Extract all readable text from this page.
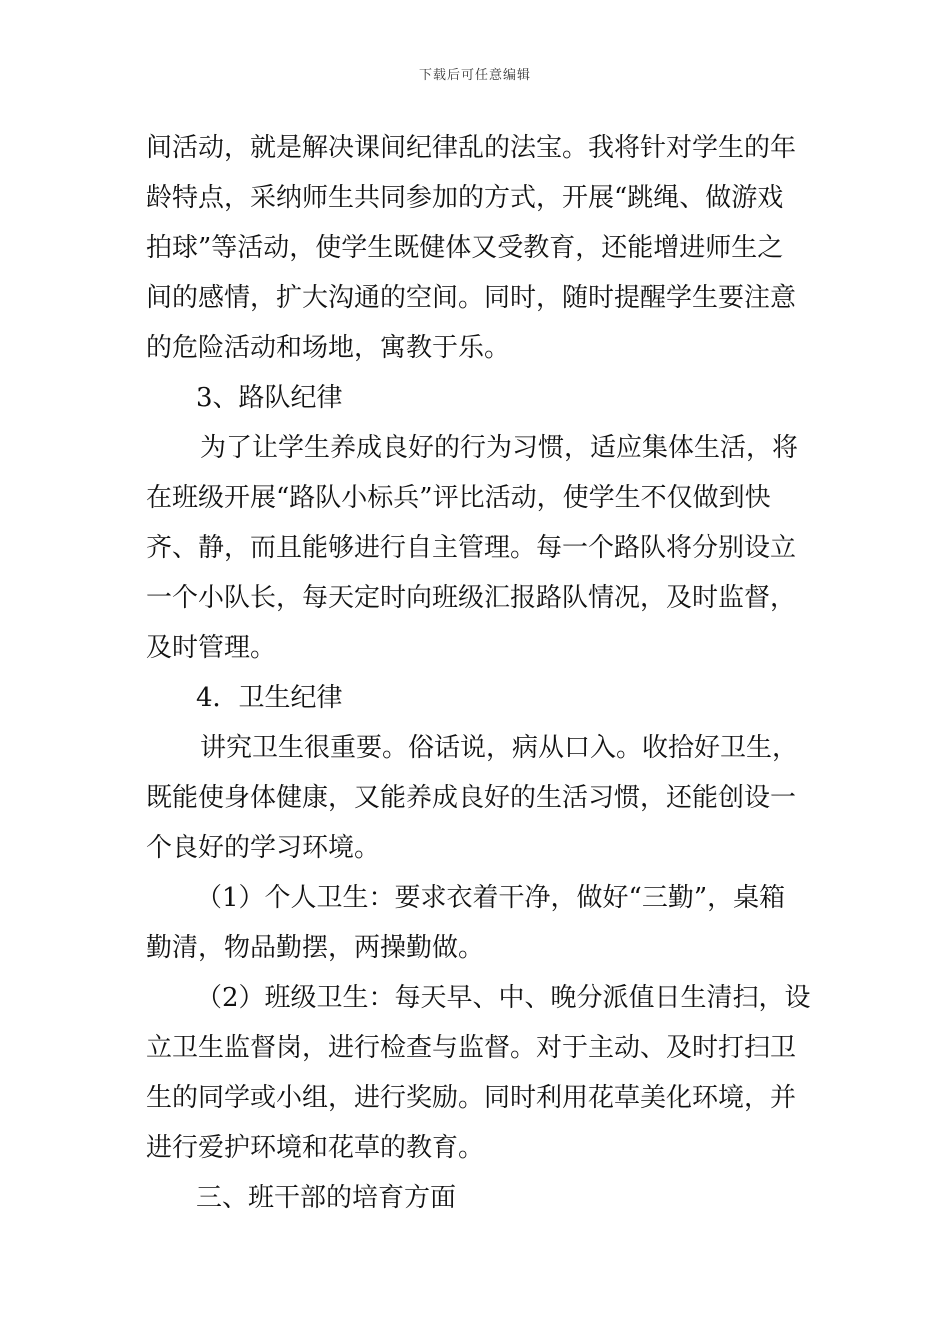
下载后可任意编辑
间活动，就是解决课间纪律乱的法宝。我将针对学生的年
龄特点，采纳师生共同参加的方式，开展“跳绳、做游戏
拍球”等活动，使学生既健体又受教育，还能增进师生之
间的感情，扩大沟通的空间。同时，随时提醒学生要注意
的危险活动和场地，寓教于乐。
3、路队纪律
为了让学生养成良好的行为习惯，适应集体生活，将
在班级开展“路队小标兵”评比活动，使学生不仅做到快
齐、静，而且能够进行自主管理。每一个路队将分别设立
一个小队长，每天定时向班级汇报路队情况，及时监督，
及时管理。
4．卫生纪律
讲究卫生很重要。俗话说，病从口入。收拾好卫生，
既能使身体健康，又能养成良好的生活习惯，还能创设一
个良好的学习环境。
（1）个人卫生：要求衣着干净，做好“三勤”，桌箱
勤清，物品勤摆，两操勤做。
（2）班级卫生：每天早、中、晚分派值日生清扫，设
立卫生监督岗，进行检查与监督。对于主动、及时打扫卫
生的同学或小组，进行奖励。同时利用花草美化环境，并
进行爱护环境和花草的教育。
三、班干部的培育方面
